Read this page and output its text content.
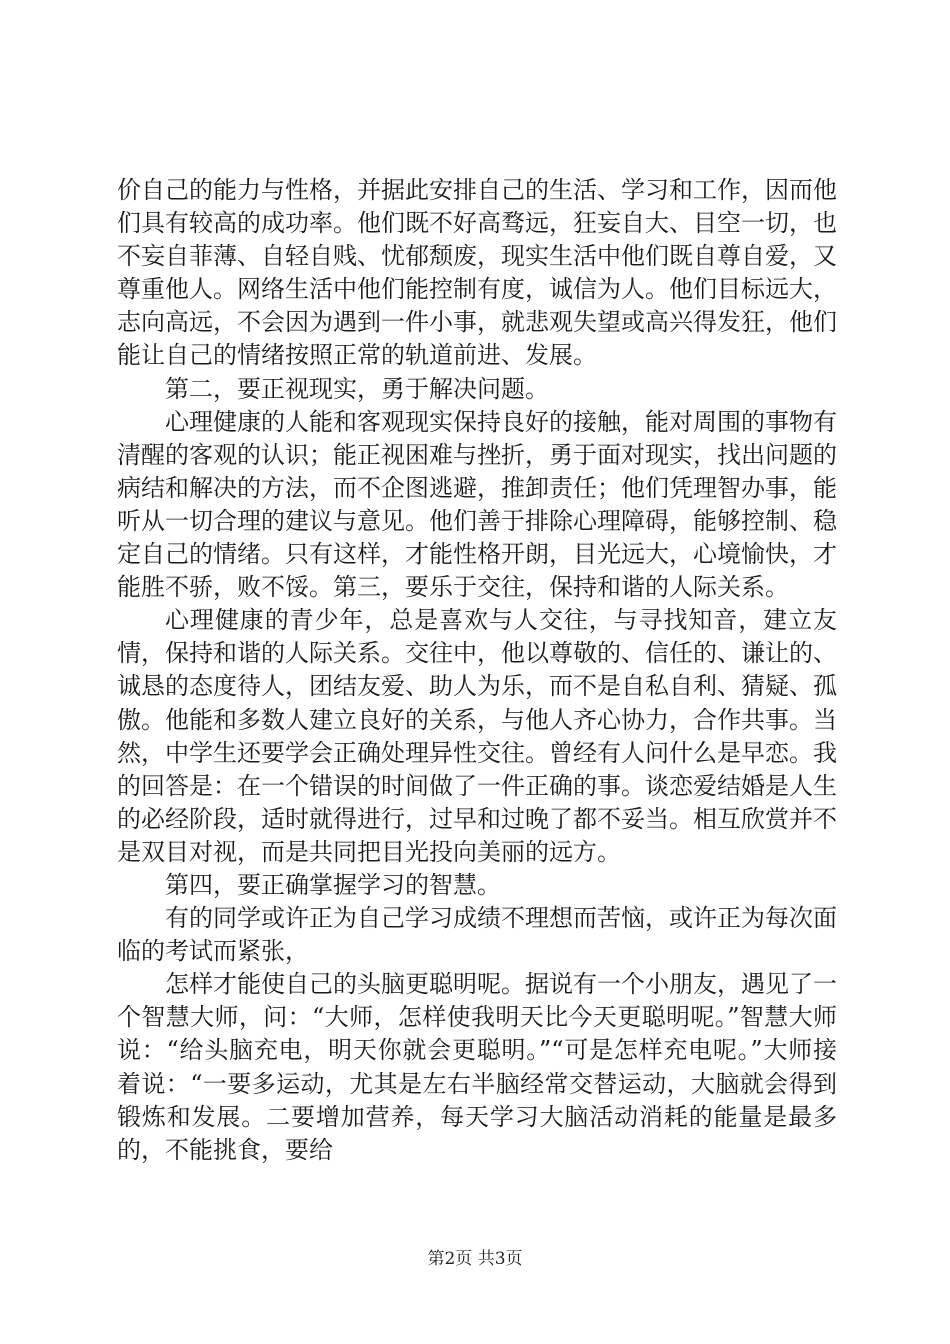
价自己的能力与性格，并据此安排自己的生活、学习和工作，因而他们具有较高的成功率。他们既不好高骛远，狂妄自大、目空一切，也不妄自菲薄、自轻自贱、忧郁颓废，现实生活中他们既自尊自爱，又尊重他人。网络生活中他们能控制有度，诚信为人。他们目标远大，志向高远，不会因为遇到一件小事，就悲观失望或高兴得发狂，他们能让自己的情绪按照正常的轨道前进、发展。

第二，要正视现实，勇于解决问题。

心理健康的人能和客观现实保持良好的接触，能对周围的事物有清醒的客观的认识；能正视困难与挫折，勇于面对现实，找出问题的病结和解决的方法，而不企图逃避，推卸责任；他们凭理智办事，能听从一切合理的建议与意见。他们善于排除心理障碍，能够控制、稳定自己的情绪。只有这样，才能性格开朗，目光远大，心境愉快，才能胜不骄，败不馁。第三，要乐于交往，保持和谐的人际关系。

心理健康的青少年，总是喜欢与人交往，与寻找知音，建立友情，保持和谐的人际关系。交往中，他以尊敬的、信任的、谦让的、诚恳的态度待人，团结友爱、助人为乐，而不是自私自利、猜疑、孤傲。他能和多数人建立良好的关系，与他人齐心协力，合作共事。当然，中学生还要学会正确处理异性交往。曾经有人问什么是早恋。我的回答是：在一个错误的时间做了一件正确的事。谈恋爱结婚是人生的必经阶段，适时就得进行，过早和过晚了都不妥当。相互欣赏并不是双目对视，而是共同把目光投向美丽的远方。

第四，要正确掌握学习的智慧。

有的同学或许正为自己学习成绩不理想而苦恼，或许正为每次面临的考试而紧张，

怎样才能使自己的头脑更聪明呢。据说有一个小朋友，遇见了一个智慧大师，问：“大师，怎样使我明天比今天更聪明呢。”智慧大师说：“给头脑充电，明天你就会更聪明。”“可是怎样充电呢。”大师接着说：“一要多运动，尤其是左右半脑经常交替运动，大脑就会得到锻炼和发展。二要增加营养，每天学习大脑活动消耗的能量是最多的，不能挑食，要给

第2页 共3页
